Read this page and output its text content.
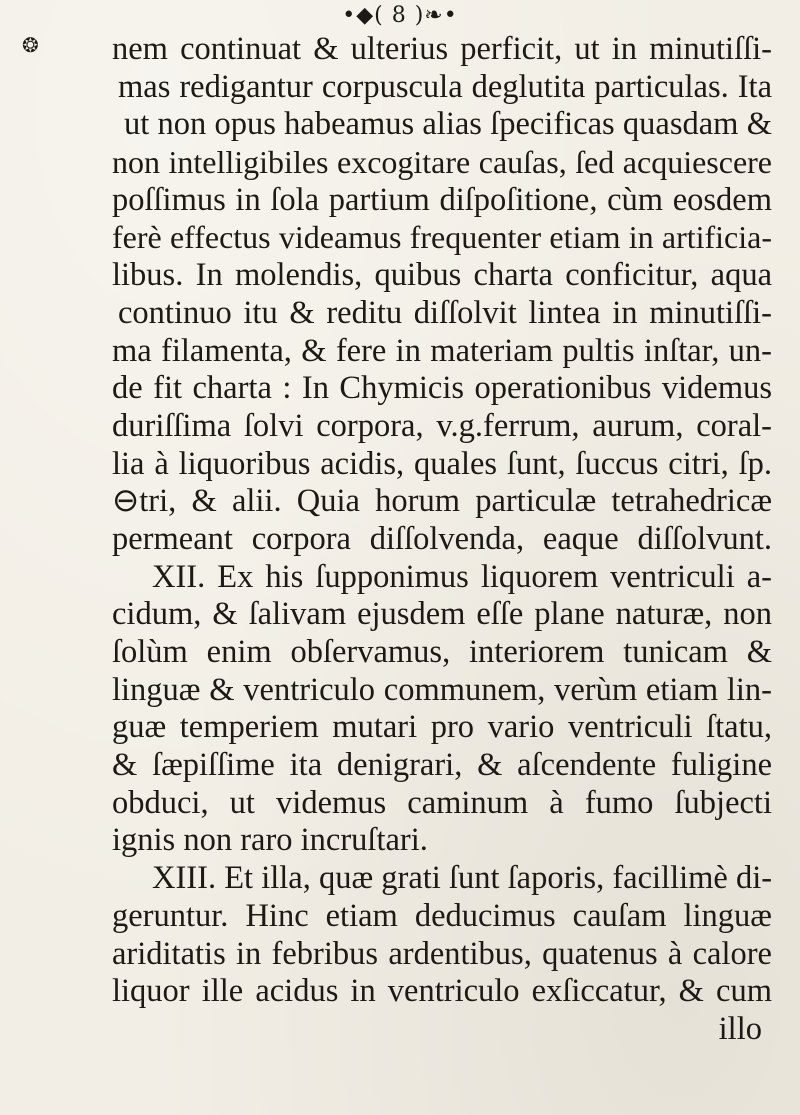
•◆( 8 )❧•
❂ nem continuat & ulterius perficit, ut in minutiſſi-
mas redigantur corpuscula deglutita particulas. Ita
ut non opus habeamus alias ſpecificas quasdam &
non intelligibiles excogitare cauſas, ſed acquiescere
poſſimus in ſola partium diſpoſitione, cùm eosdem
ferè effectus videamus frequenter etiam in artificia-
libus. In molendis, quibus charta conficitur, aqua
continuo itu & reditu diſſolvit lintea in minutiſſi-
ma filamenta, & fere in materiam pultis inſtar, un-
de fit charta : In Chymicis operationibus videmus
duriſſima ſolvi corpora, v.g.ferrum, aurum, coral-
lia à liquoribus acidis, quales ſunt, ſuccus citri, ſp.
⊖tri, & alii. Quia horum particulæ tetrahedricæ
permeant corpora diſſolvenda, eaque diſſolvunt.
XII. Ex his ſupponimus liquorem ventriculi a-
cidum, & ſalivam ejusdem eſſe plane naturæ, non
ſolùm enim obſervamus, interiorem tunicam &
linguæ & ventriculo communem, verùm etiam lin-
guæ temperiem mutari pro vario ventriculi ſtatu,
& ſæpiſſime ita denigrari, & aſcendente fuligine
obduci, ut videmus caminum à fumo ſubjecti
ignis non raro incruſtari.
XIII. Et illa, quæ grati ſunt ſaporis, facillimè di-
geruntur. Hinc etiam deducimus cauſam linguæ
ariditatis in febribus ardentibus, quatenus à calore
liquor ille acidus in ventriculo exſiccatur, & cum
illo
